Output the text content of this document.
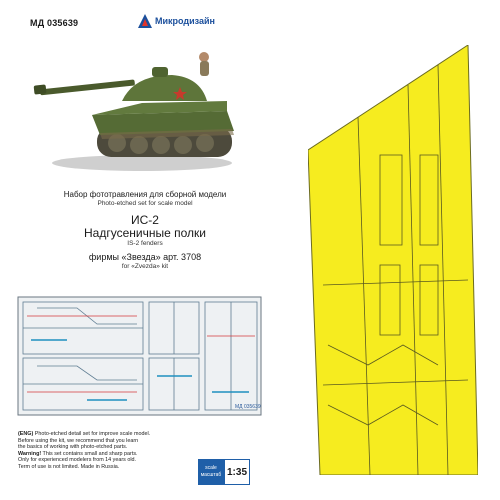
МД 035639	Микродизайн
Набор фототравления для сборной модели
Photo-etched set for scale model
ИС-2
Надгусеничные полки
IS-2 fenders
фирмы «Звезда» арт. 3708
for «Zvezda» kit
МД 035639
(ENG) Photo-etched detail set for improve scale model.
Before using the kit, we recommend that you learn
the basics of working with photo-etched parts.
Warning! This set contains small and sharp parts.
Only for experienced modelers from 14 years old.
Term of use is not limited. Made in Russia.	scale
масштаб 1:35
